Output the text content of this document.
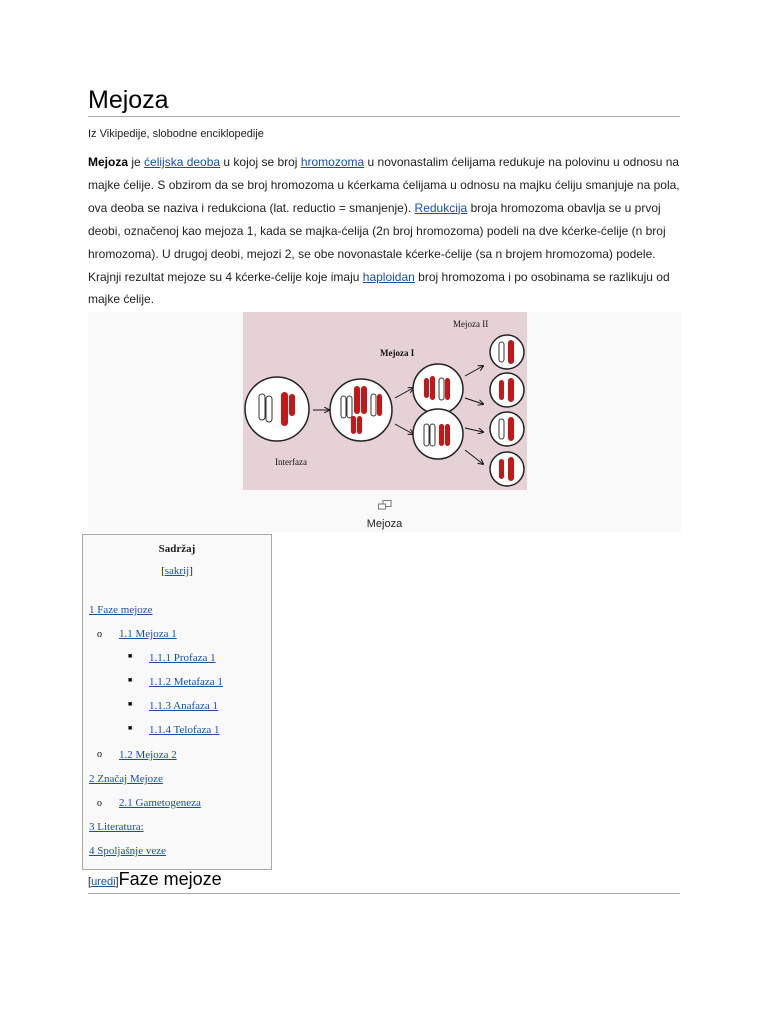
Mejoza
Iz Vikipedije, slobodne enciklopedije

Mejoza je ćelijska deoba u kojoj se broj hromozoma u novonastalim ćelijama redukuje na polovinu u odnosu na majke ćelije. S obzirom da se broj hromozoma u kćerkama ćelijama u odnosu na majku ćeliju smanjuje na pola, ova deoba se naziva i redukciona (lat. reductio = smanjenje). Redukcija broja hromozoma obavlja se u prvoj deobi, označenoj kao mejoza 1, kada se majka-ćelija (2n broj hromozoma) podeli na dve kćerke-ćelije (n broj hromozoma). U drugoj deobi, mejozi 2, se obe novonastale kćerke-ćelije (sa n brojem hromozoma) podele. Krajnji rezultat mejoze su 4 kćerke-ćelije koje imaju haploidan broj hromozoma i po osobinama se razlikuju od majke ćelije.

Mejoza II
Mejoza I
Interfaza
Mejoza
Sadržaj
[sakrij]
1 Faze mejoze
o 1.1 Mejoza 1
■ 1.1.1 Profaza 1
■ 1.1.2 Metafaza 1
■ 1.1.3 Anafaza 1
■ 1.1.4 Telofaza 1
o 1.2 Mejoza 2
2 Značaj Mejoze
o 2.1 Gametogeneza
3 Literatura:
4 Spoljašnje veze
[uredi]Faze mejoze
